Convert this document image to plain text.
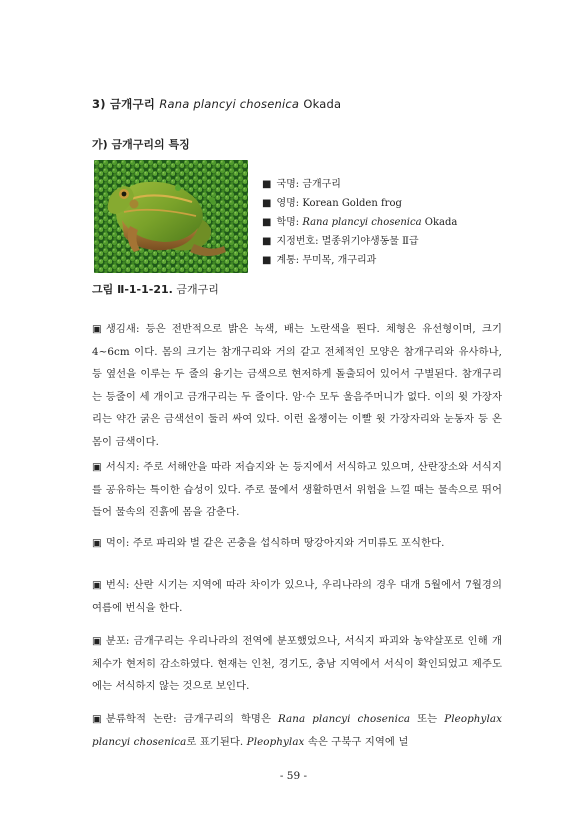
3) 금개구리 Rana plancyi chosenica Okada
가) 금개구리의 특징
■ 국명: 금개구리
■ 영명: Korean Golden frog
■ 학명: Rana plancyi chosenica Okada
■ 지정번호: 멸종위기야생동물 Ⅱ급
■ 계통: 무미목, 개구리과
그림 Ⅱ-1-1-21. 금개구리
▣ 생김새: 등은 전반적으로 밝은 녹색, 배는 노란색을 띈다. 체형은 유선형이며, 크기 4~6cm 이다. 몸의 크기는 참개구리와 거의 같고 전체적인 모양은 참개구리와 유사하나, 등 옆선을 이루는 두 줄의 융기는 금색으로 현저하게 돌출되어 있어서 구별된다. 참개구리는 등줄이 세 개이고 금개구리는 두 줄이다. 암·수 모두 울음주머니가 없다. 이의 윗 가장자리는 약간 굵은 금색선이 둘러 싸여 있다. 이런 올챙이는 이빨 윗 가장자리와 눈동자 등 온몸이 금색이다.
▣ 서식지: 주로 서해안을 따라 저습지와 논 등지에서 서식하고 있으며, 산란장소와 서식지를 공유하는 특이한 습성이 있다. 주로 물에서 생활하면서 위험을 느낄 때는 물속으로 뛰어들어 물속의 진흙에 몸을 감춘다.
▣ 먹이: 주로 파리와 벌 같은 곤충을 섭식하며 땅강아지와 거미류도 포식한다.
▣ 번식: 산란 시기는 지역에 따라 차이가 있으나, 우리나라의 경우 대개 5월에서 7월경의 여름에 번식을 한다.
▣ 분포: 금개구리는 우리나라의 전역에 분포했었으나, 서식지 파괴와 농약살포로 인해 개체수가 현저히 감소하였다. 현재는 인천, 경기도, 충남 지역에서 서식이 확인되었고 제주도에는 서식하지 않는 것으로 보인다.
▣ 분류학적 논란: 금개구리의 학명은 Rana plancyi chosenica 또는 Pleophylax plancyi chosenica로 표기된다. Pleophylax 속은 구북구 지역에 널
- 59 -
